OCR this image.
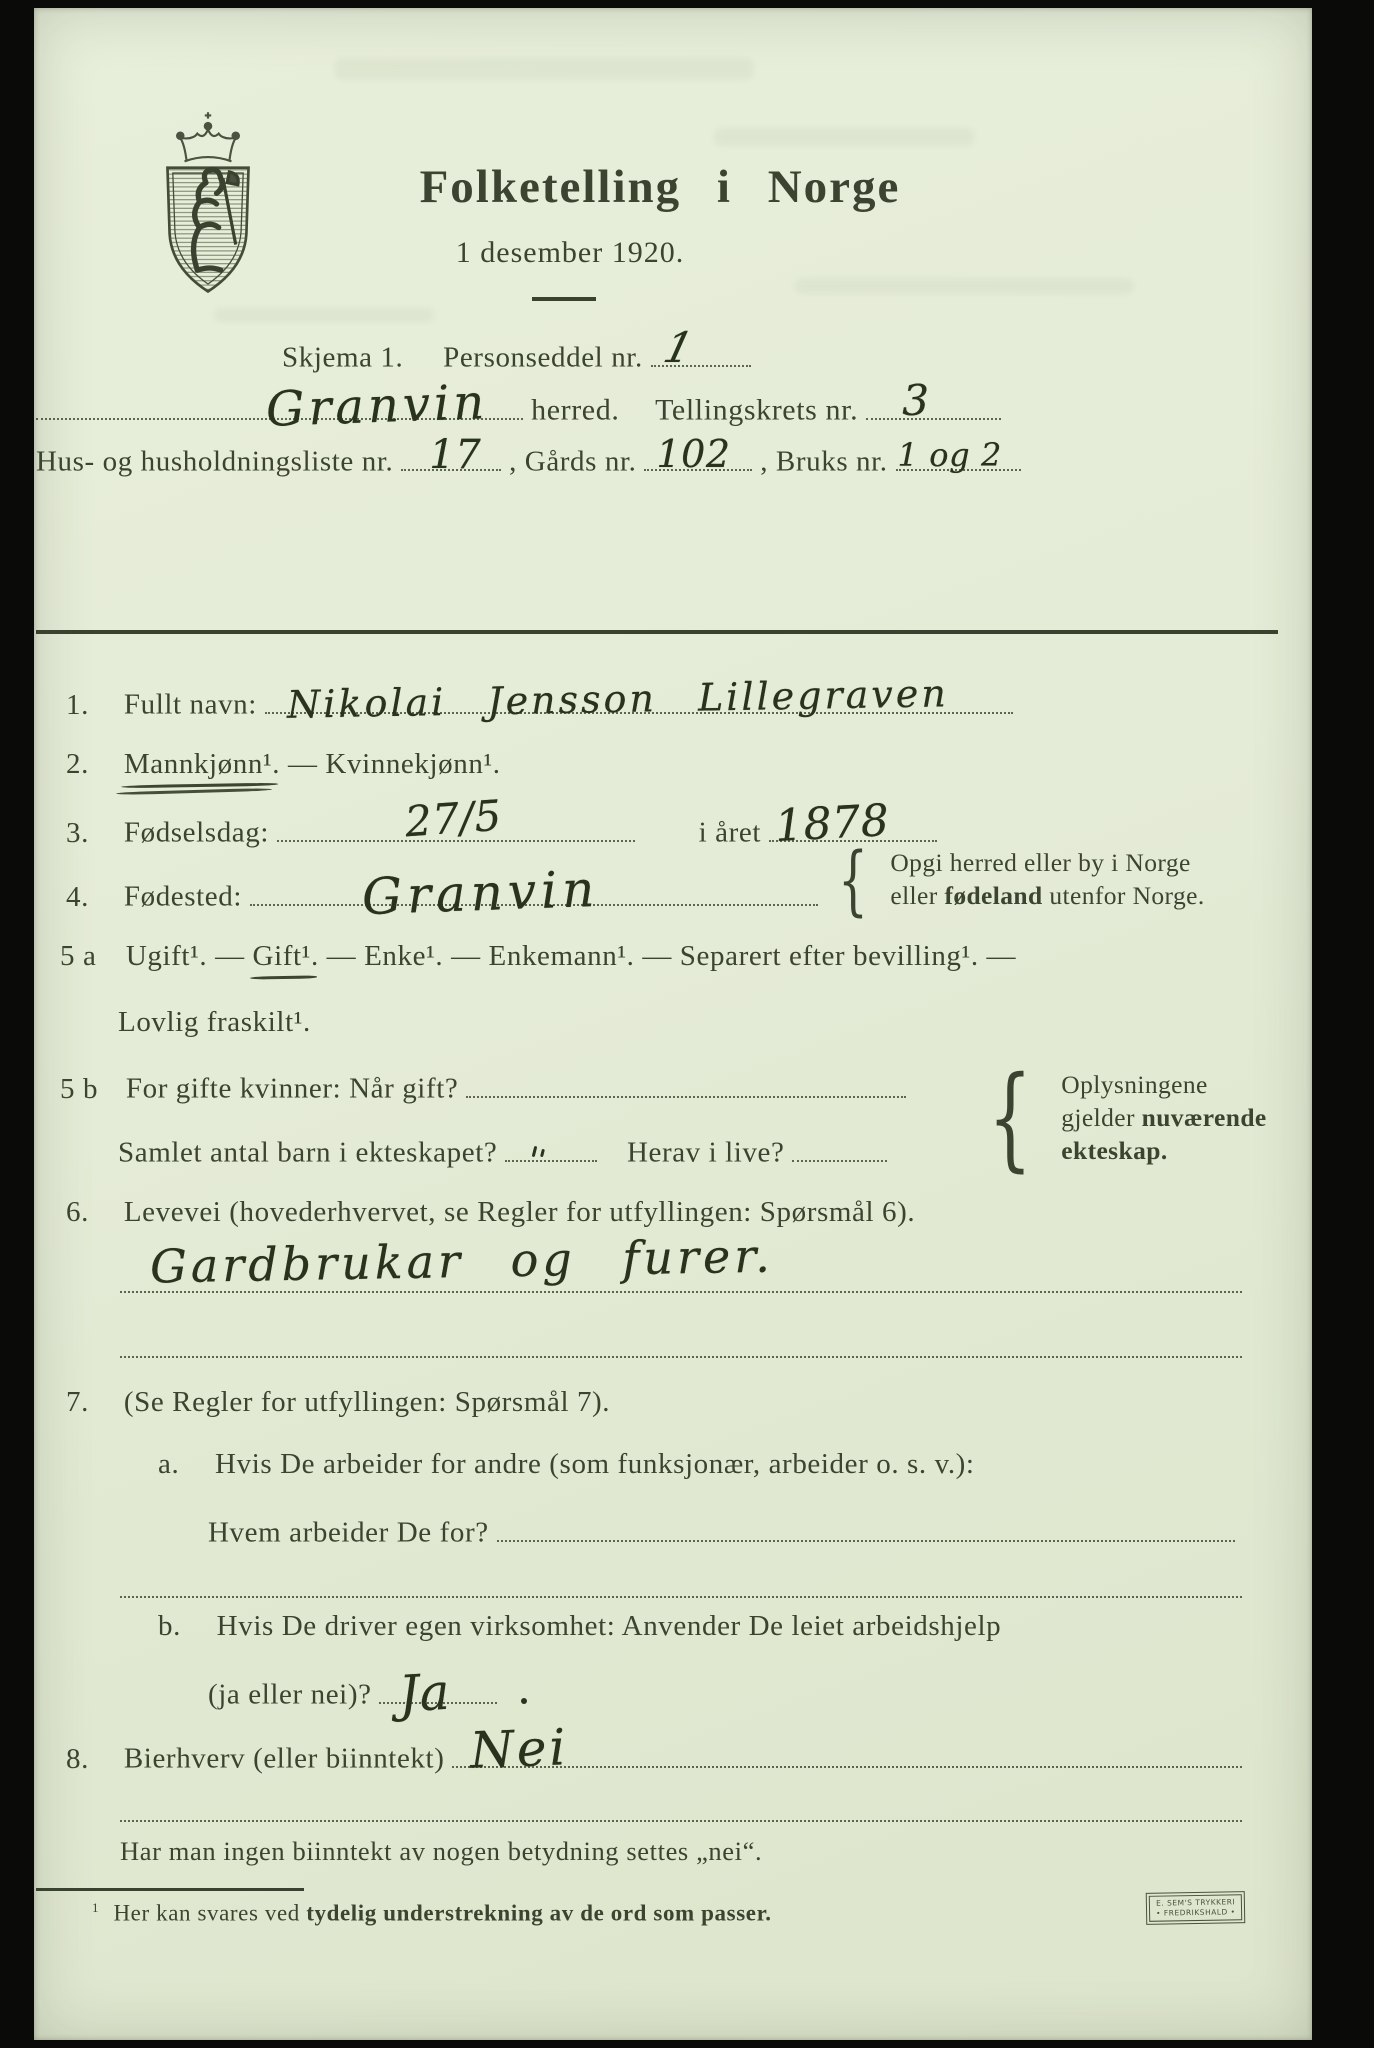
Folketelling i Norge
1 desember 1920.
Skjema 1. Personseddel nr. 1
Granvin herred. Tellingskrets nr. 3
Hus- og husholdningsliste nr. 17 , Gårds nr. 102 , Bruks nr. 1 og 2
1. Fullt navn: Nikolai Jensson Lillegraven
2. Mannkjønn¹. — Kvinnekjønn¹.
3. Fødselsdag:	27/5	i året 1878
4. Fødested: Granvin	{ Opgi herred eller by i Norge
eller fødeland utenfor Norge.
5 a Ugift¹. — Gift¹. — Enke¹. — Enkemann¹. — Separert efter bevilling¹. —
Lovlig fraskilt¹.
5 b For gifte kvinner: Når gift?
Samlet antal barn i ekteskapet?	Herav i live?	{ Oplysningene
gjelder nuværende
ekteskap.
6. Levevei (hovederhvervet, se Regler for utfyllingen: Spørsmål 6).
Gardbrukar og furer.
7. (Se Regler for utfyllingen: Spørsmål 7).
a. Hvis De arbeider for andre (som funksjonær, arbeider o. s. v.):
Hvem arbeider De for?
b. Hvis De driver egen virksomhet: Anvender De leiet arbeidshjelp
(ja eller nei)? Ja

8. Bierhverv (eller biinntekt) Nei
Har man ingen biinntekt av nogen betydning settes „nei“.
$^1$ Her kan svares ved tydelig understrekning av de ord som passer.	E. SEM'S TRYKKERI
• FREDRIKSHALD •
